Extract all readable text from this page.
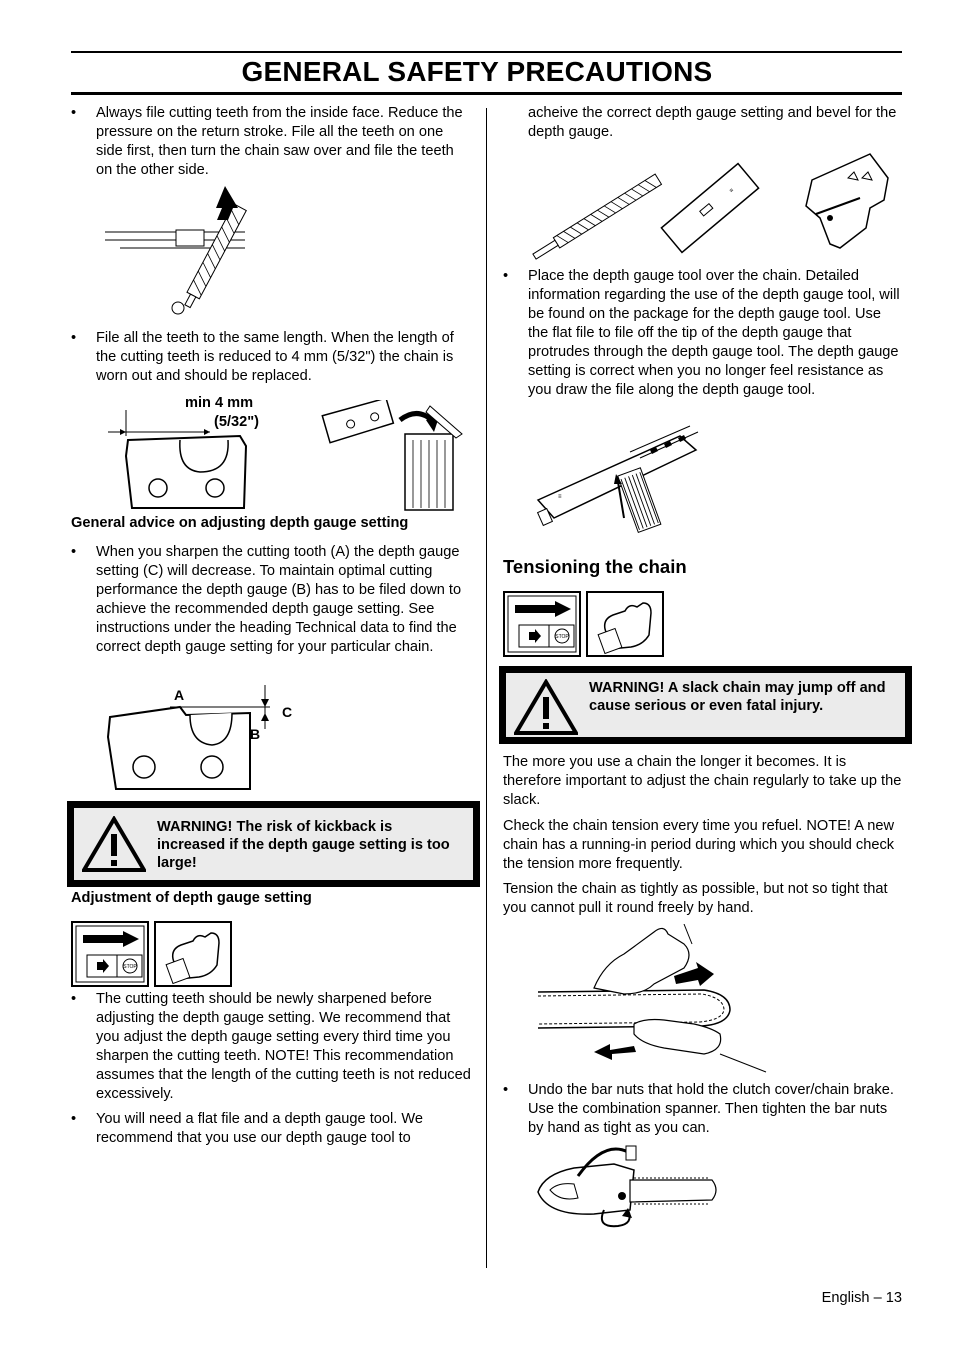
GENERAL SAFETY PRECAUTIONS
• Always file cutting teeth from the inside face. Reduce the pressure on the return stroke. File all the teeth on one side first, then turn the chain saw over and file the teeth on the other side.
• File all the teeth to the same length. When the length of the cutting teeth is reduced to 4 mm (5/32") the chain is worn out and should be replaced.
min 4 mm
(5/32")
General advice on adjusting depth gauge setting
• When you sharpen the cutting tooth (A) the depth gauge setting (C) will decrease. To maintain optimal cutting performance the depth gauge (B) has to be filed down to achieve the recommended depth gauge setting. See instructions under the heading Technical data to find the correct depth gauge setting for your particular chain.
A
B
C
WARNING! The risk of kickback is increased if the depth gauge setting is too large!
Adjustment of depth gauge setting
STOP
• The cutting teeth should be newly sharpened before adjusting the depth gauge setting. We recommend that you adjust the depth gauge setting every third time you sharpen the cutting teeth. NOTE! This recommendation assumes that the length of the cutting teeth is not reduced excessively.
• You will need a flat file and a depth gauge tool. We recommend that you use our depth gauge tool to
acheive the correct depth gauge setting and bevel for the depth gauge.
≡
• Place the depth gauge tool over the chain. Detailed information regarding the use of the depth gauge tool, will be found on the package for the depth gauge tool. Use the flat file to file off the tip of the depth gauge that protrudes through the depth gauge tool. The depth gauge setting is correct when you no longer feel resistance as you draw the file along the depth gauge tool.
≡
Tensioning the chain
STOP
WARNING! A slack chain may jump off and cause serious or even fatal injury.
The more you use a chain the longer it becomes. It is therefore important to adjust the chain regularly to take up the slack.
Check the chain tension every time you refuel. NOTE! A new chain has a running-in period during which you should check the tension more frequently.
Tension the chain as tightly as possible, but not so tight that you cannot pull it round freely by hand.
• Undo the bar nuts that hold the clutch cover/chain brake. Use the combination spanner. Then tighten the bar nuts by hand as tight as you can.
English – 13
